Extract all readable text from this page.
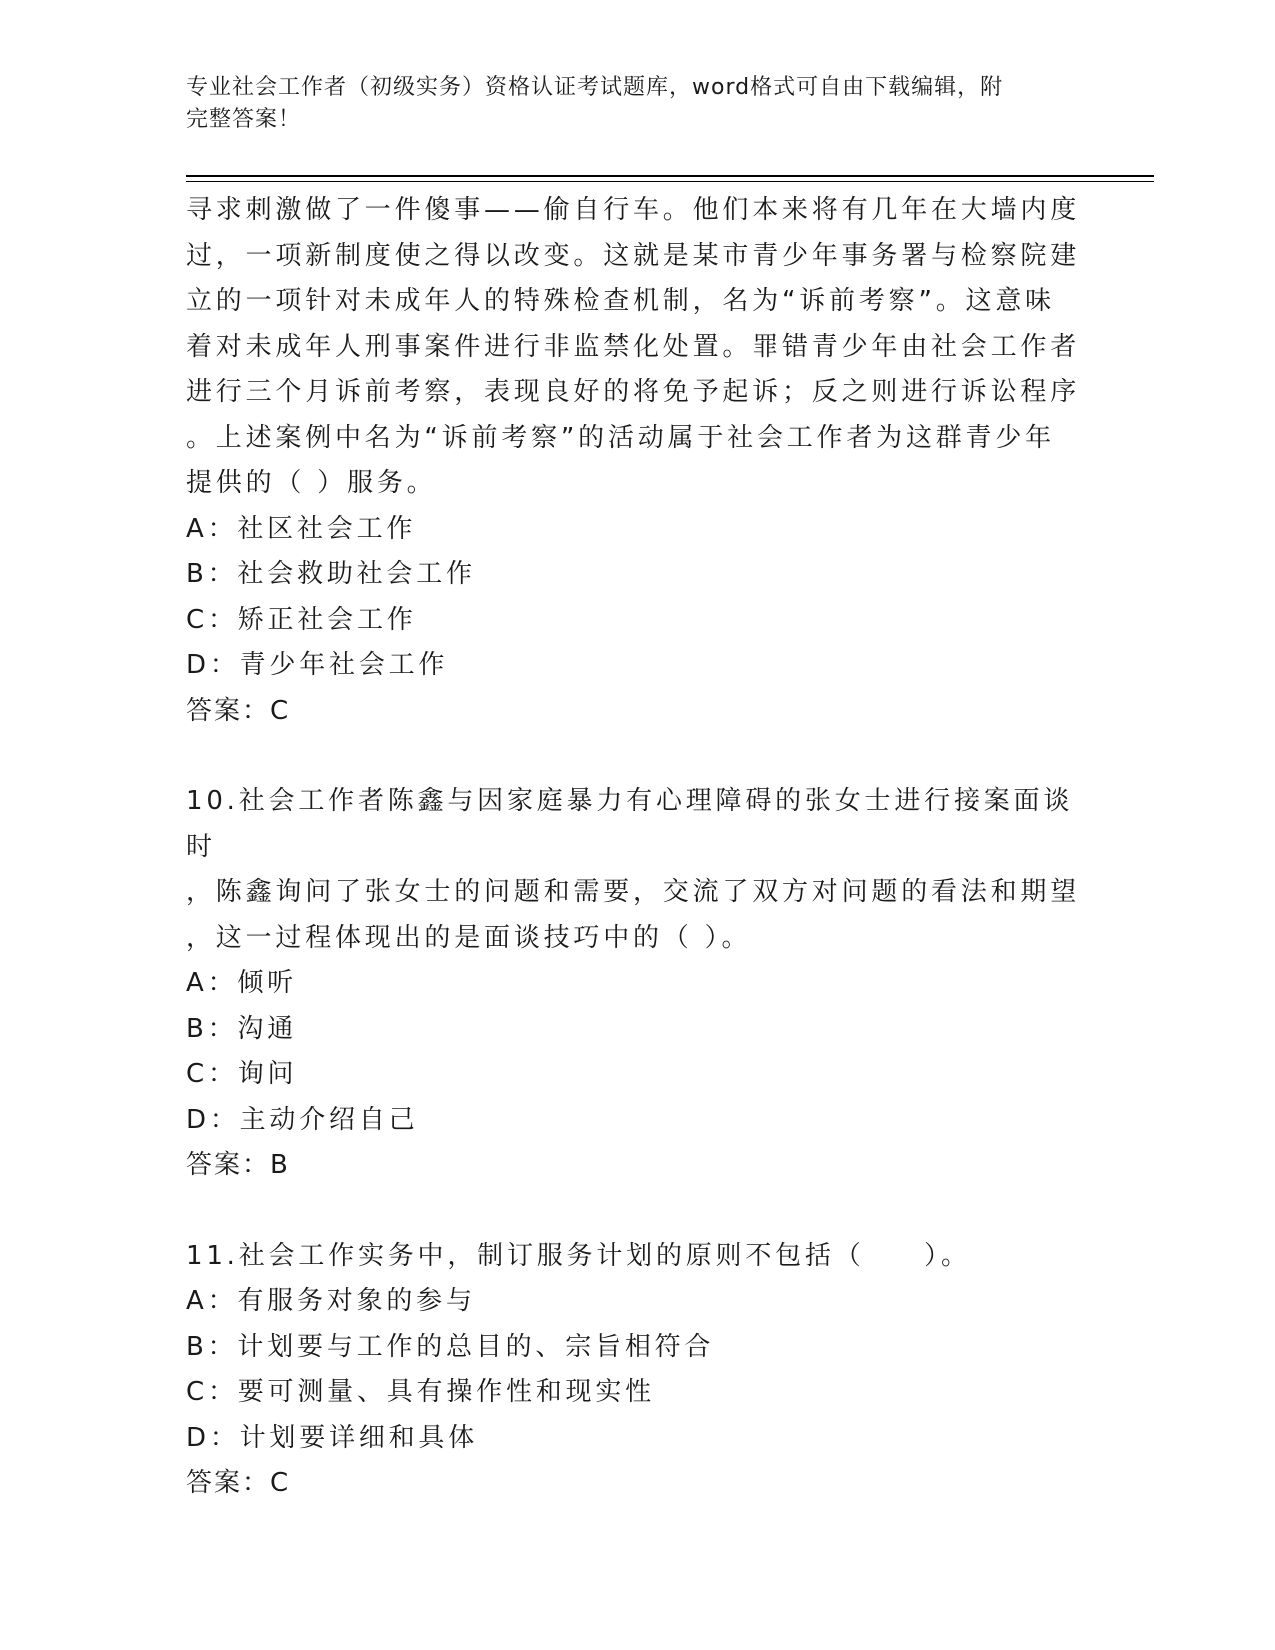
专业社会工作者（初级实务）资格认证考试题库，word格式可自由下载编辑，附
完整答案！

寻求刺激做了一件傻事——偷自行车。他们本来将有几年在大墙内度

过，一项新制度使之得以改变。这就是某市青少年事务署与检察院建

立的一项针对未成年人的特殊检查机制，名为“诉前考察”。这意味

着对未成年人刑事案件进行非监禁化处置。罪错青少年由社会工作者

进行三个月诉前考察，表现良好的将免予起诉；反之则进行诉讼程序

。上述案例中名为“诉前考察”的活动属于社会工作者为这群青少年

提供的（ ）服务。

A：社区社会工作

B：社会救助社会工作

C：矫正社会工作

D：青少年社会工作

答案：C

10.社会工作者陈鑫与因家庭暴力有心理障碍的张女士进行接案面谈时

，陈鑫询问了张女士的问题和需要，交流了双方对问题的看法和期望

，这一过程体现出的是面谈技巧中的（ ）。

A：倾听

B：沟通

C：询问

D：主动介绍自己

答案：B

11.社会工作实务中，制订服务计划的原则不包括（　　）。

A：有服务对象的参与

B：计划要与工作的总目的、宗旨相符合

C：要可测量、具有操作性和现实性

D：计划要详细和具体

答案：C
